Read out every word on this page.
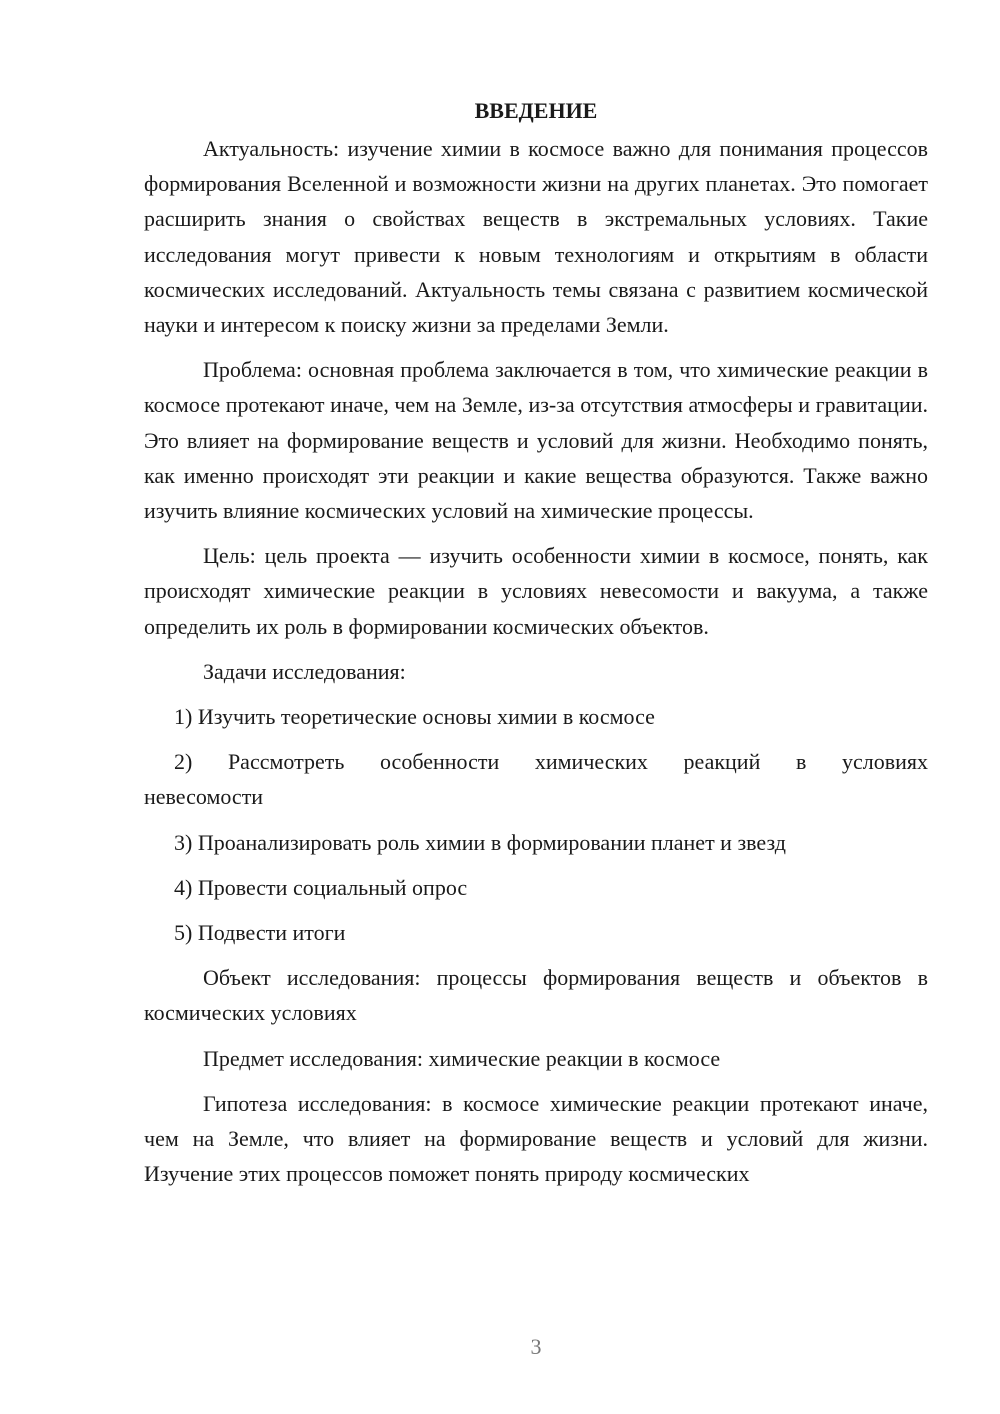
ВВЕДЕНИЕ

Актуальность: изучение химии в космосе важно для понимания процессов формирования Вселенной и возможности жизни на других планетах. Это помогает расширить знания о свойствах веществ в экстремальных условиях. Такие исследования могут привести к новым технологиям и открытиям в области космических исследований. Актуальность темы связана с развитием космической науки и интересом к поиску жизни за пределами Земли.

Проблема: основная проблема заключается в том, что химические реакции в космосе протекают иначе, чем на Земле, из-за отсутствия атмосферы и гравитации. Это влияет на формирование веществ и условий для жизни. Необходимо понять, как именно происходят эти реакции и какие вещества образуются. Также важно изучить влияние космических условий на химические процессы.

Цель: цель проекта — изучить особенности химии в космосе, понять, как происходят химические реакции в условиях невесомости и вакуума, а также определить их роль в формировании космических объектов.

Задачи исследования:

1) Изучить теоретические основы химии в космосе

2) Рассмотреть особенности химических реакций в условиях невесомости

3) Проанализировать роль химии в формировании планет и звезд

4) Провести социальный опрос

5) Подвести итоги

Объект исследования: процессы формирования веществ и объектов в космических условиях

Предмет исследования: химические реакции в космосе

Гипотеза исследования: в космосе химические реакции протекают иначе, чем на Земле, что влияет на формирование веществ и условий для жизни. Изучение этих процессов поможет понять природу космических

3
